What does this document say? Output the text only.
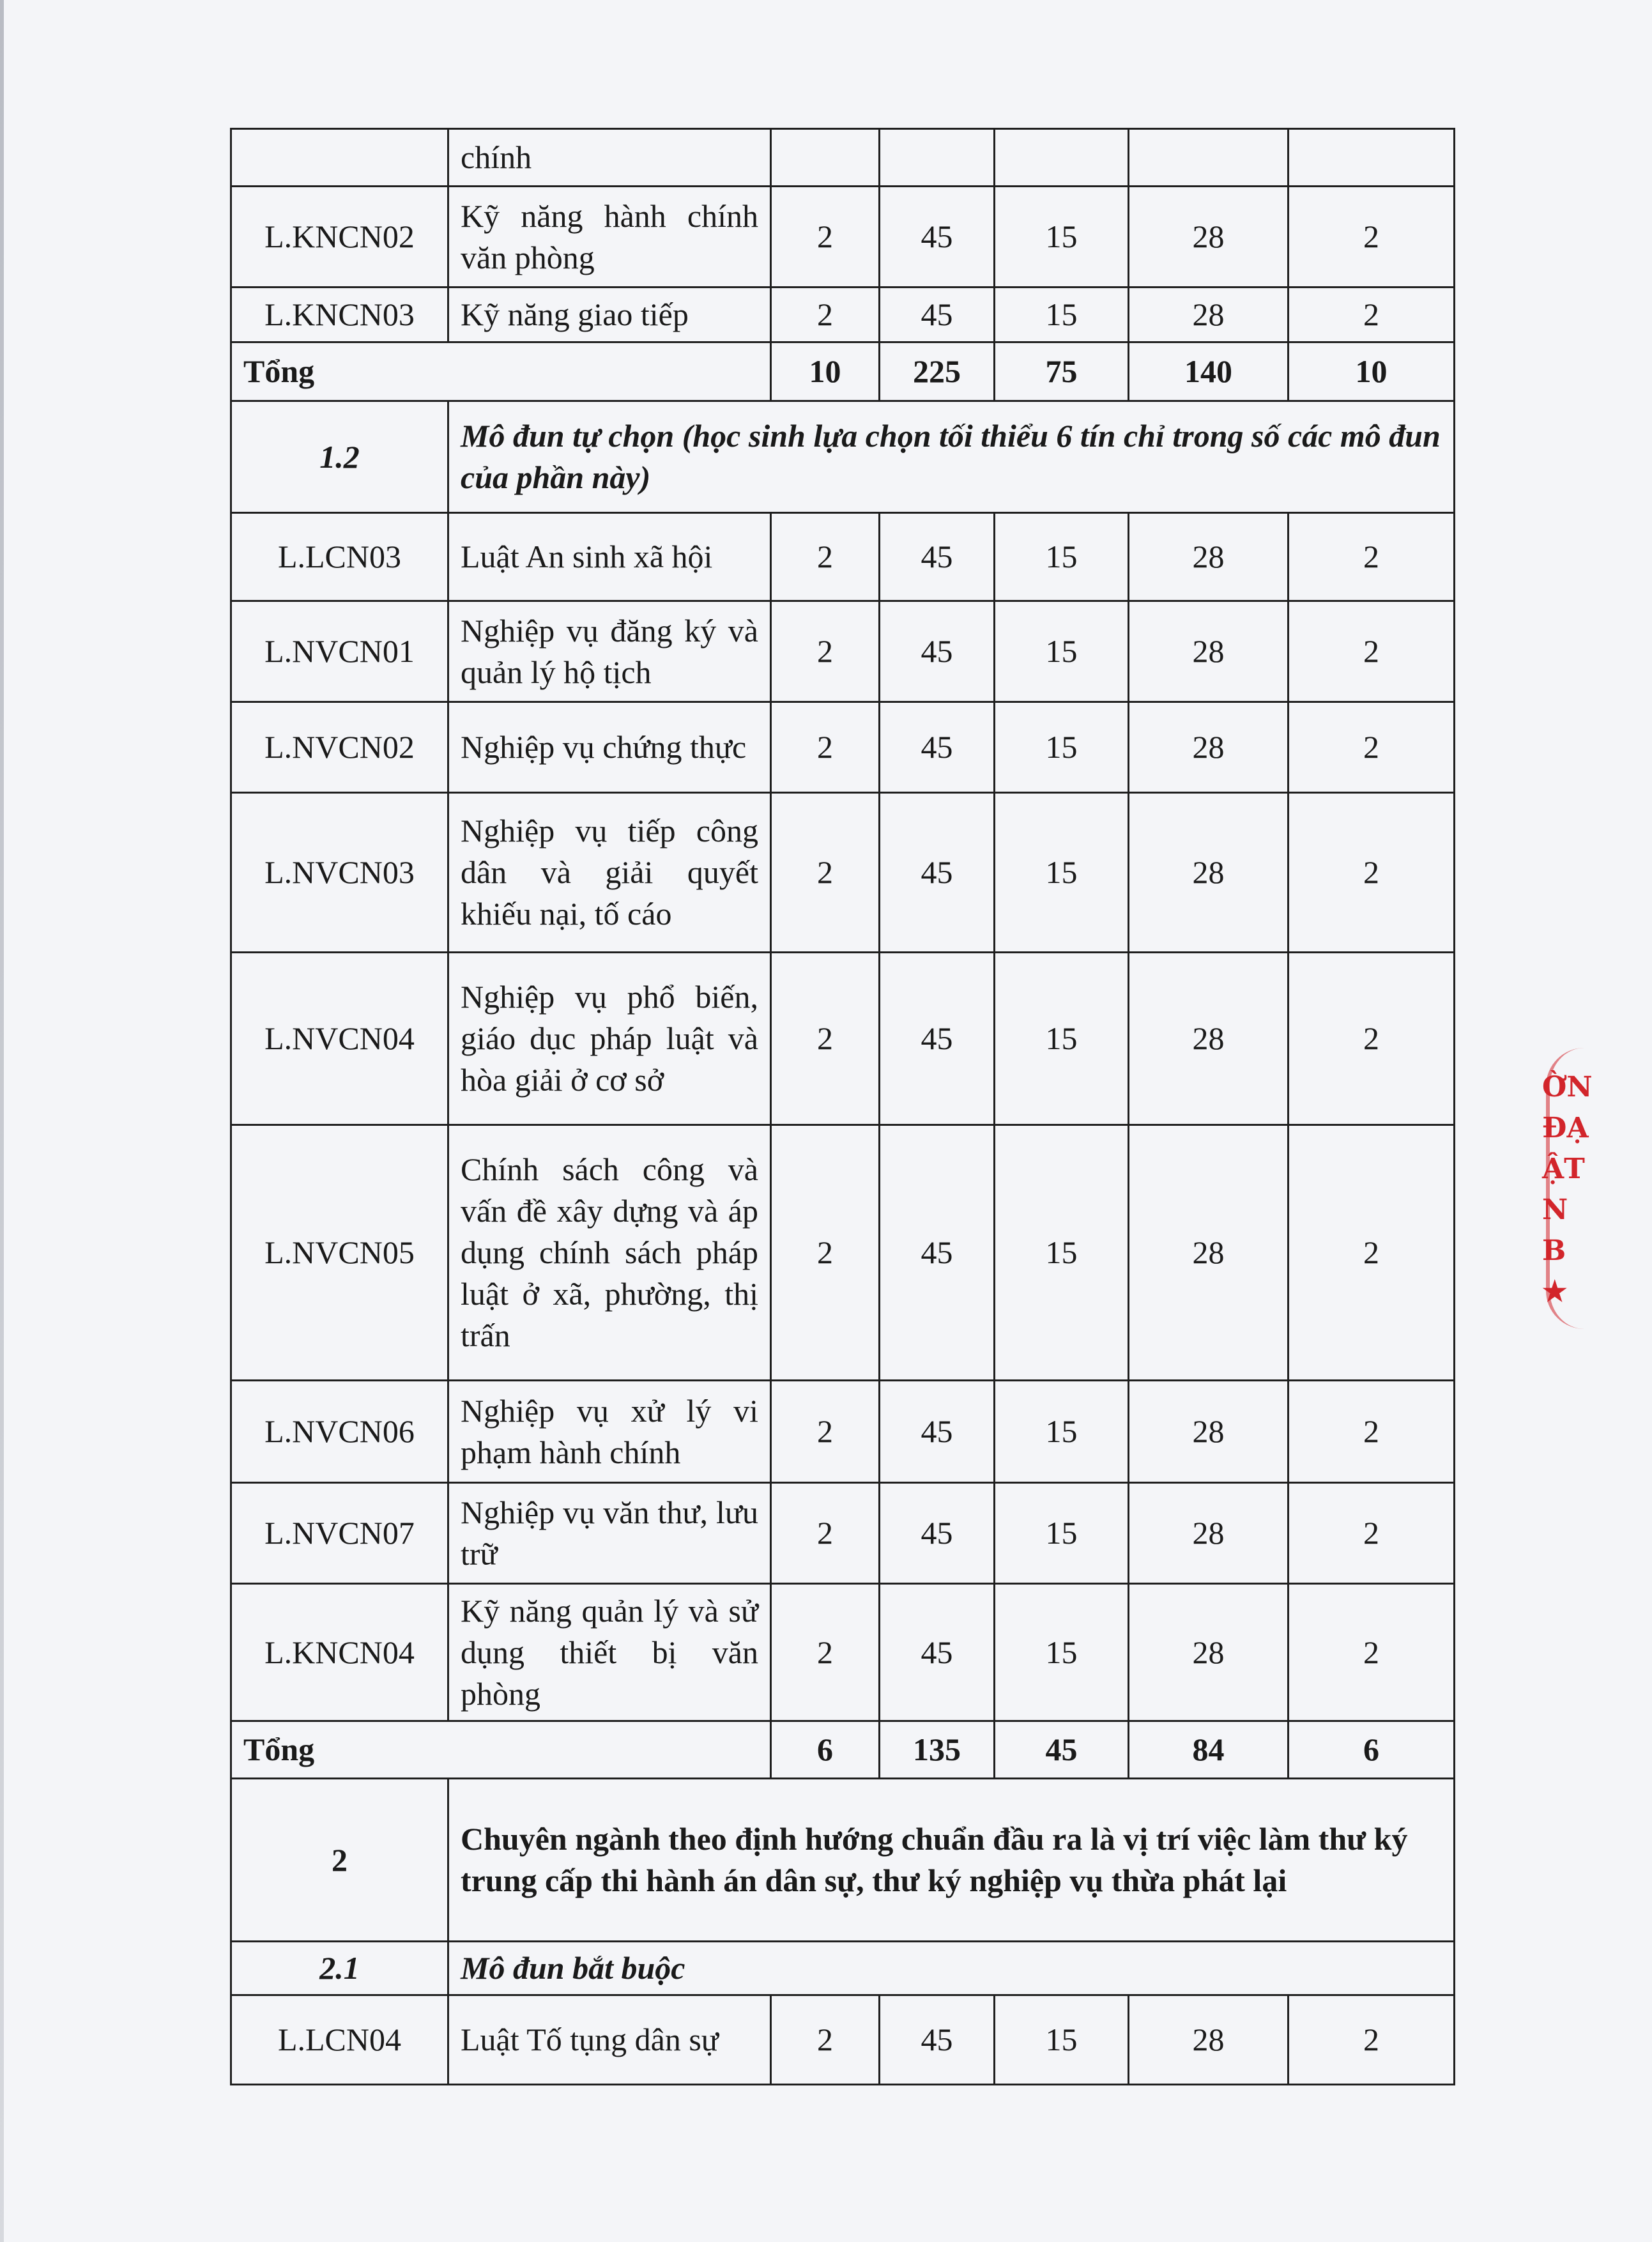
	chính					
L.KNCN02	Kỹ năng hành chính văn phòng	2	45	15	28	2
L.KNCN03	Kỹ năng giao tiếp	2	45	15	28	2
Tổng		10	225	75	140	10
1.2	Mô đun tự chọn (học sinh lựa chọn tối thiểu 6 tín chỉ trong số các mô đun của phần này)					
L.LCN03	Luật An sinh xã hội	2	45	15	28	2
L.NVCN01	Nghiệp vụ đăng ký và quản lý hộ tịch	2	45	15	28	2
L.NVCN02	Nghiệp vụ chứng thực	2	45	15	28	2
L.NVCN03	Nghiệp vụ tiếp công dân và giải quyết khiếu nại, tố cáo	2	45	15	28	2
L.NVCN04	Nghiệp vụ phổ biến, giáo dục pháp luật và hòa giải ở cơ sở	2	45	15	28	2
L.NVCN05	Chính sách công và vấn đề xây dựng và áp dụng chính sách pháp luật ở xã, phường, thị trấn	2	45	15	28	2
L.NVCN06	Nghiệp vụ xử lý vi phạm hành chính	2	45	15	28	2
L.NVCN07	Nghiệp vụ văn thư, lưu trữ	2	45	15	28	2
L.KNCN04	Kỹ năng quản lý và sử dụng thiết bị văn phòng	2	45	15	28	2
Tổng		6	135	45	84	6
2	Chuyên ngành theo định hướng chuẩn đầu ra là vị trí việc làm thư ký trung cấp thi hành án dân sự, thư ký nghiệp vụ thừa phát lại					
2.1	Mô đun bắt buộc					
L.LCN04	Luật Tố tụng dân sự	2	45	15	28	2
ỜN
ĐẠ
ẬT
N
B
★
